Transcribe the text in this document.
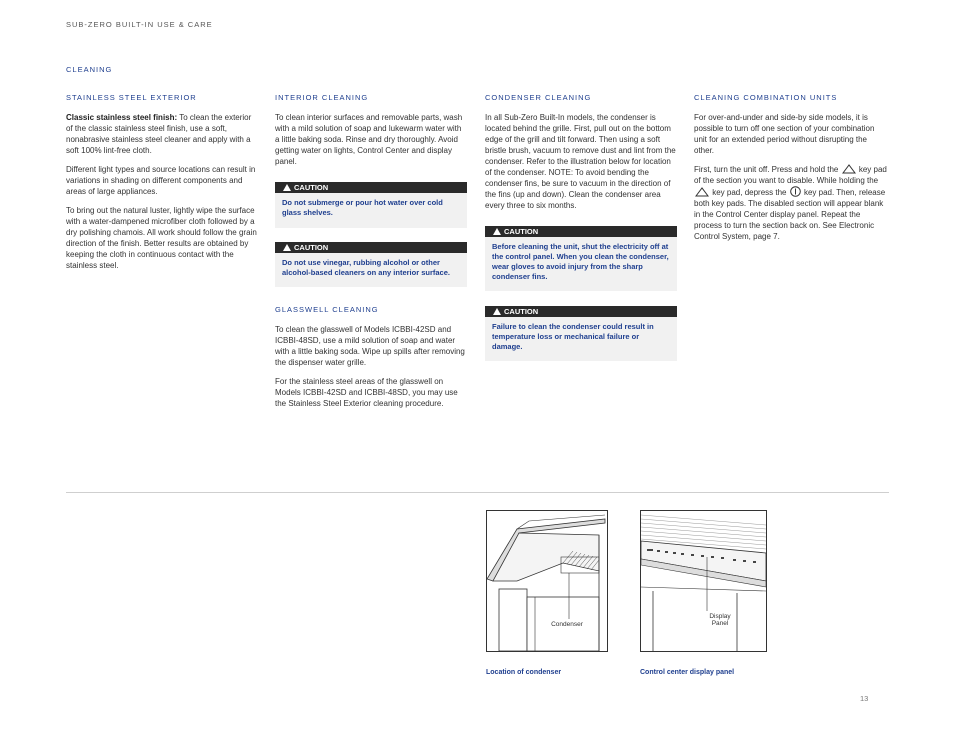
SUB-ZERO BUILT-IN USE & CARE
CLEANING
STAINLESS STEEL EXTERIOR

Classic stainless steel finish: To clean the exterior of the classic stainless steel finish, use a soft, nonabrasive stainless steel cleaner and apply with a soft 100% lint-free cloth.

Different light types and source locations can result in variations in shading on different components and areas of large appliances.

To bring out the natural luster, lightly wipe the surface with a water-dampened microfiber cloth followed by a dry polishing chamois. All work should follow the grain direction of the finish. Better results are obtained by keeping the cloth in continuous contact with the stainless steel.

INTERIOR CLEANING

To clean interior surfaces and removable parts, wash with a mild solution of soap and lukewarm water with a little baking soda. Rinse and dry thoroughly. Avoid getting water on lights, Control Center and display panel.

CAUTION
Do not submerge or pour hot water over cold glass shelves.
CAUTION
Do not use vinegar, rubbing alcohol or other alcohol-based cleaners on any interior surface.
GLASSWELL CLEANING

To clean the glasswell of Models ICBBI-42SD and ICBBI-48SD, use a mild solution of soap and water with a little baking soda. Wipe up spills after removing the dispenser water grille.

For the stainless steel areas of the glasswell on Models ICBBI-42SD and ICBBI-48SD, you may use the Stainless Steel Exterior cleaning procedure.

CONDENSER CLEANING

In all Sub-Zero Built-In models, the condenser is located behind the grille. First, pull out on the bottom edge of the grill and tilt forward. Then using a soft bristle brush, vacuum to remove dust and lint from the condenser. Refer to the illustration below for location of the condenser. NOTE: To avoid bending the condenser fins, be sure to vacuum in the direction of the fins (up and down). Clean the condenser area every three to six months.

CAUTION
Before cleaning the unit, shut the electricity off at the control panel. When you clean the condenser, wear gloves to avoid injury from the sharp condenser fins.
CAUTION
Failure to clean the condenser could result in temperature loss or mechanical failure or damage.
CLEANING COMBINATION UNITS

For over-and-under and side-by side models, it is possible to turn off one section of your combination unit for an extended period without disrupting the other.

First, turn the unit off. Press and hold the  key pad of the section you want to disable. While holding the  key pad, depress the  key pad. Then, release both key pads. The disabled section will appear blank in the Control Center display panel. Repeat the process to turn the section back on. See Electronic Control System, page 7.

Condenser
Location of condenser
Display
Panel
Control center display panel
13
